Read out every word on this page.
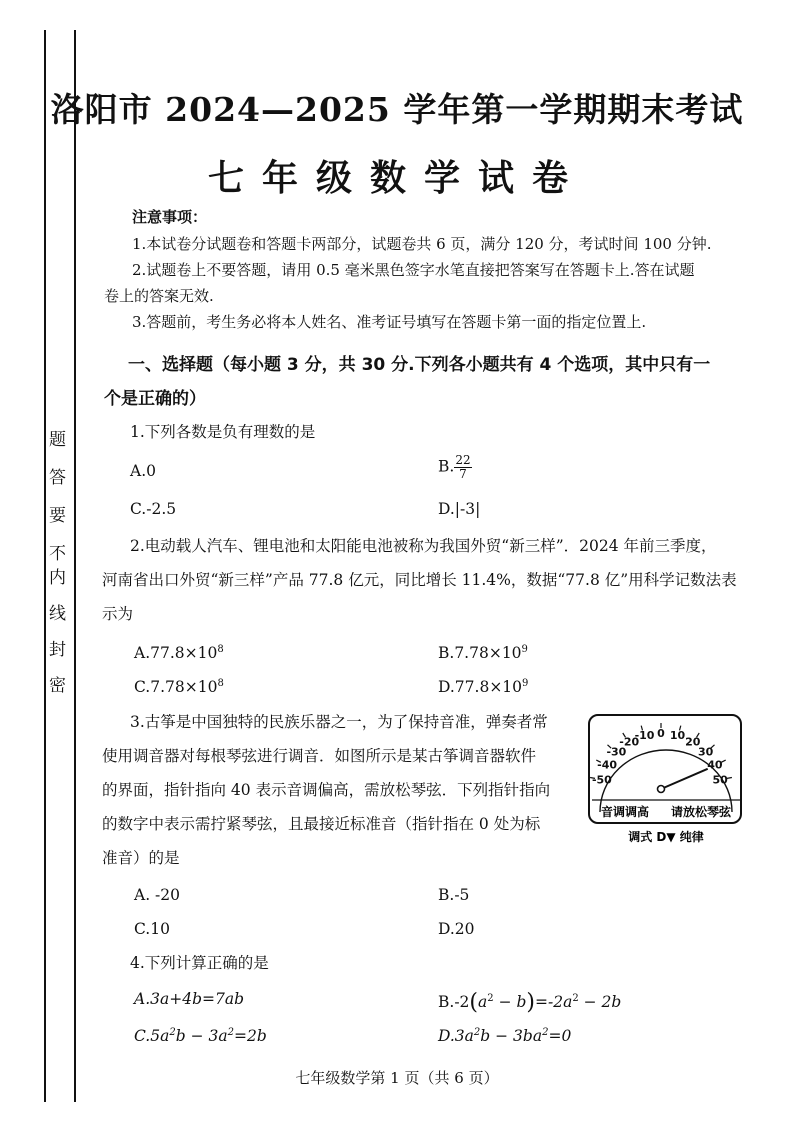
题
答
要
不
内
线
封
密
洛阳市 2024—2025 学年第一学期期末考试
七年级数学试卷
注意事项：
1.本试卷分试题卷和答题卡两部分，试题卷共 6 页，满分 120 分，考试时间 100 分钟.
2.试题卷上不要答题，请用 0.5 毫米黑色签字水笔直接把答案写在答题卡上.答在试题
卷上的答案无效.
3.答题前，考生务必将本人姓名、准考证号填写在答题卡第一面的指定位置上.
一、选择题（每小题 3 分，共 30 分.下列各小题共有 4 个选项，其中只有一
个是正确的）
1.下列各数是负有理数的是
A.0	B. $\frac{22}{7}$
C.-2.5	D.|-3|
2.电动载人汽车、锂电池和太阳能电池被称为我国外贸“新三样”．2024 年前三季度，
河南省出口外贸“新三样”产品 77.8 亿元，同比增长 11.4%，数据“77.8 亿”用科学记数法表
示为
$A.77.8\times 10^8$	$B.7.78\times 10^9$
$C.7.78\times 10^8$	$D.77.8\times 10^9$
3.古筝是中国独特的民族乐器之一，为了保持音准，弹奏者常
使用调音器对每根琴弦进行调音．如图所示是某古筝调音器软件
的界面，指针指向 40 表示音调偏高，需放松琴弦．下列指针指向
的数字中表示需拧紧琴弦，且最接近标准音（指针指在 0 处为标
准音）的是
A. -20	B.-5
C.10	D.20
-50
-40
-30
-20
-10 0 10 20
30
40
50
音调调高 请放松琴弦
调式 D▼ 纯律
4.下列计算正确的是
A.3a+4b=7ab	$B.-2(a^2 - b)=-2a^2 - 2b$
$C.5a^2b - 3a^2=2b$	$D.3a^2b - 3ba^2=0$
七年级数学第 1 页（共 6 页）
